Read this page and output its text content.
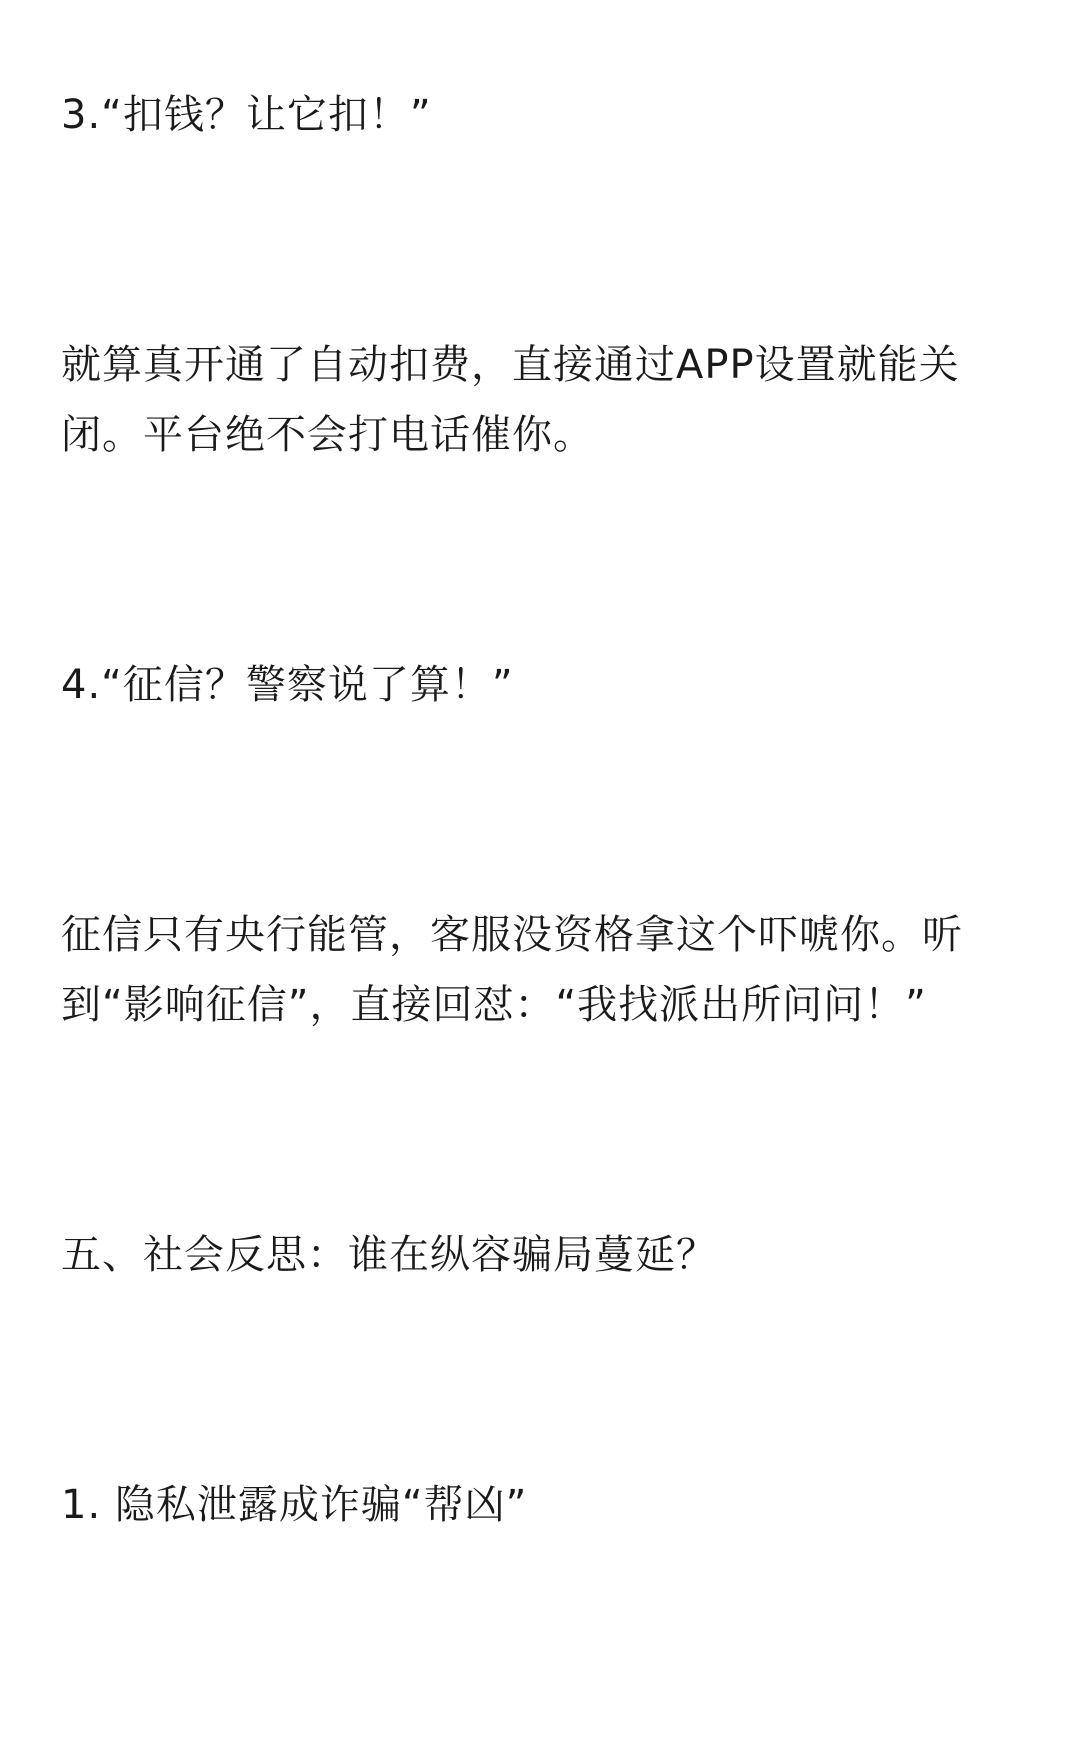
3.“扣钱？让它扣！”

就算真开通了自动扣费，直接通过APP设置就能关闭。平台绝不会打电话催你。

4.“征信？警察说了算！”

征信只有央行能管，客服没资格拿这个吓唬你。听到“影响征信”，直接回怼：“我找派出所问问！”

五、社会反思：谁在纵容骗局蔓延？

1. 隐私泄露成诈骗“帮凶”
